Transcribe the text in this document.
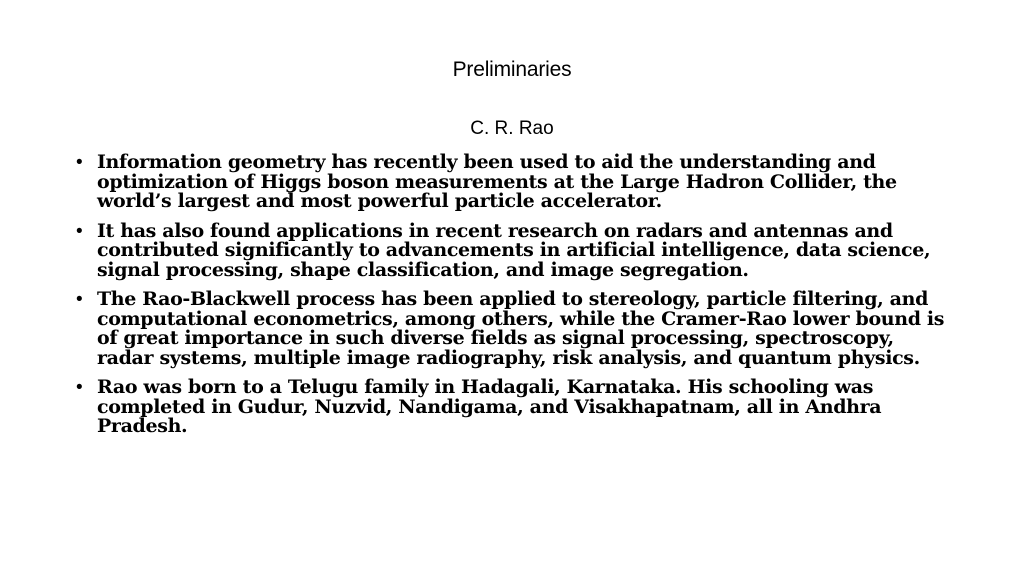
Preliminaries
C. R. Rao
• Information geometry has recently been used to aid the understanding and optimization of Higgs boson measurements at the Large Hadron Collider, the world’s largest and most powerful particle accelerator.
• It has also found applications in recent research on radars and antennas and contributed significantly to advancements in artificial intelligence, data science, signal processing, shape classification, and image segregation.
• The Rao-Blackwell process has been applied to stereology, particle filtering, and computational econometrics, among others, while the Cramer-Rao lower bound is of great importance in such diverse fields as signal processing, spectroscopy, radar systems, multiple image radiography, risk analysis, and quantum physics.
• Rao was born to a Telugu family in Hadagali, Karnataka. His schooling was completed in Gudur, Nuzvid, Nandigama, and Visakhapatnam, all in Andhra Pradesh.
